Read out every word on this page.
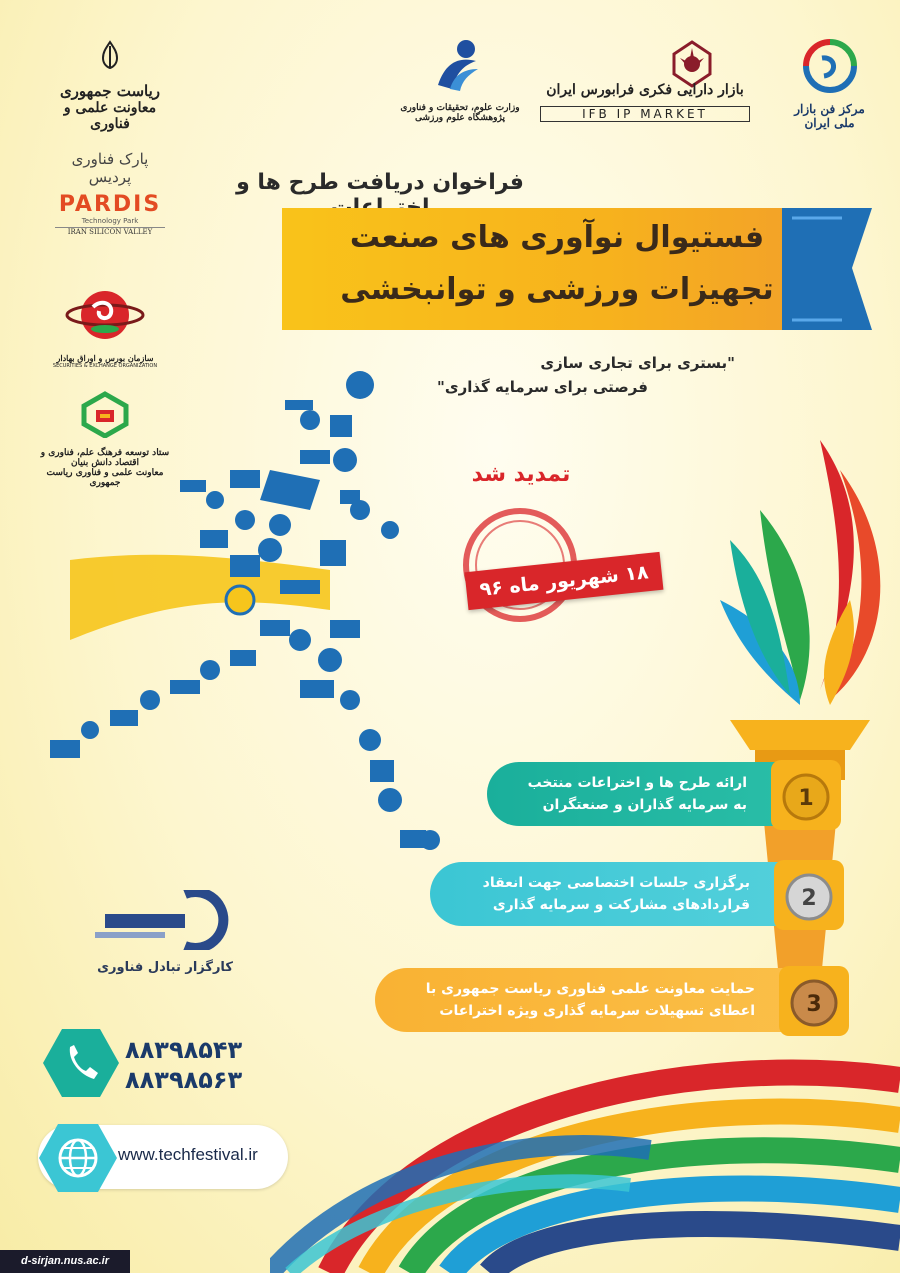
ریاست جمهوری
معاونت علمی و فناوری
وزارت علوم، تحقیقات و فناوری
پژوهشگاه علوم ورزشی
بازار دارایی فکری فرابورس ایران
IFB IP MARKET	مرکز فن بازار ملی ایران
پارک فناوری پردیس
PARDIS
Technology Park
IRAN SILICON VALLEY
سازمان بورس و اوراق بهادار
SECURITIES & EXCHANGE ORGANIZATION
ستاد توسعه فرهنگ علم، فناوری و اقتصاد دانش بنیان
معاونت علمی و فناوری ریاست جمهوری
فراخوان دریافت طرح ها و
فستیوال نوآوری های صنعت
تجهیزات ورزشی و توانبخشی
"بستری برای تجاری سازی
فرصتی برای سرمایه گذاری"
تمدید شد
۱۸ شهریور ماه ۹۶
ارائه طرح ها و اختراعات منتخب
به سرمایه گذاران و صنعتگران 1
برگزاری جلسات اختصاصی جهت انعقاد
قراردادهای مشارکت و سرمایه گذاری 2
حمایت معاونت علمی فناوری ریاست جمهوری با
اعطای تسهیلات سرمایه گذاری ویژه اختراعات 3
کارگزار تبادل فناوری
۸۸۳۹۸۵۴۳
۸۸۳۹۸۵۶۳
www.techfestival.ir
d-sirjan.nus.ac.ir
